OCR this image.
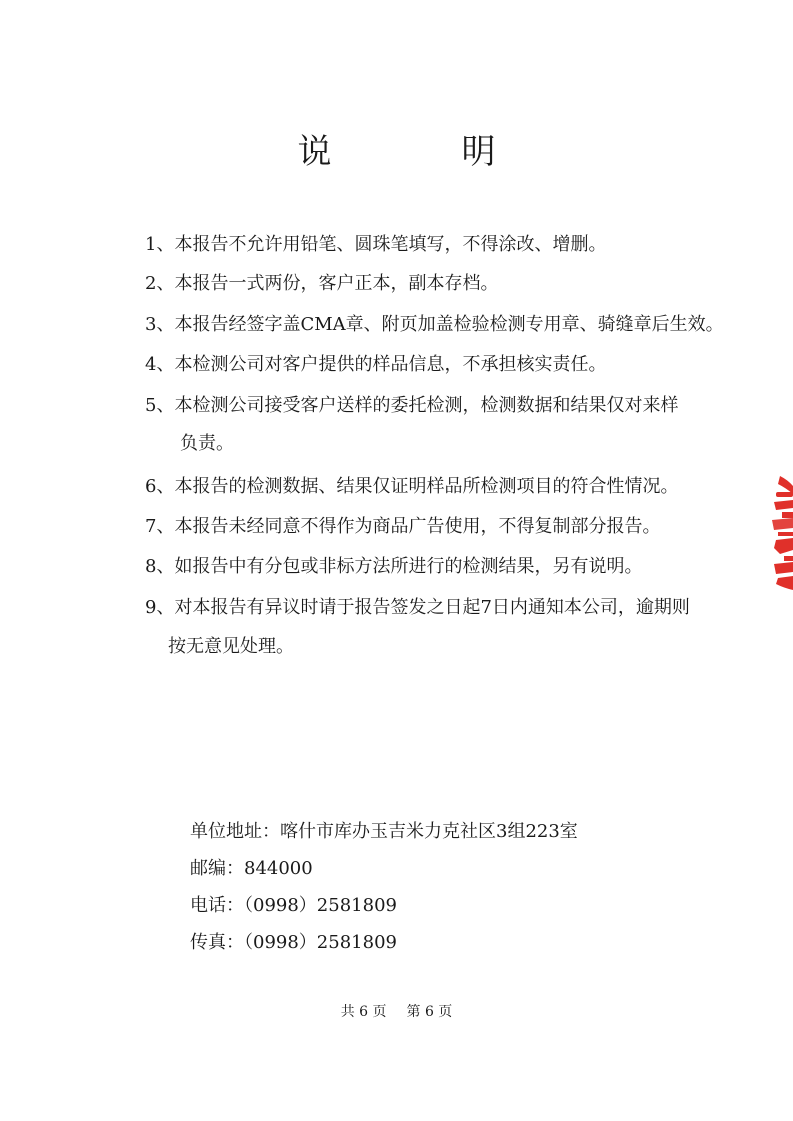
说　明
1、本报告不允许用铅笔、圆珠笔填写，不得涂改、增删。
2、本报告一式两份，客户正本，副本存档。
3、本报告经签字盖CMA章、附页加盖检验检测专用章、骑缝章后生效。
4、本检测公司对客户提供的样品信息，不承担核实责任。
5、本检测公司接受客户送样的委托检测，检测数据和结果仅对来样
负责。
6、本报告的检测数据、结果仅证明样品所检测项目的符合性情况。
7、本报告未经同意不得作为商品广告使用，不得复制部分报告。
8、如报告中有分包或非标方法所进行的检测结果，另有说明。
9、对本报告有异议时请于报告签发之日起7日内通知本公司，逾期则
按无意见处理。
单位地址：喀什市库办玉吉米力克社区3组223室
邮编：844000
电话：（0998）2581809
传真：（0998）2581809
共 6 页 第 6 页
